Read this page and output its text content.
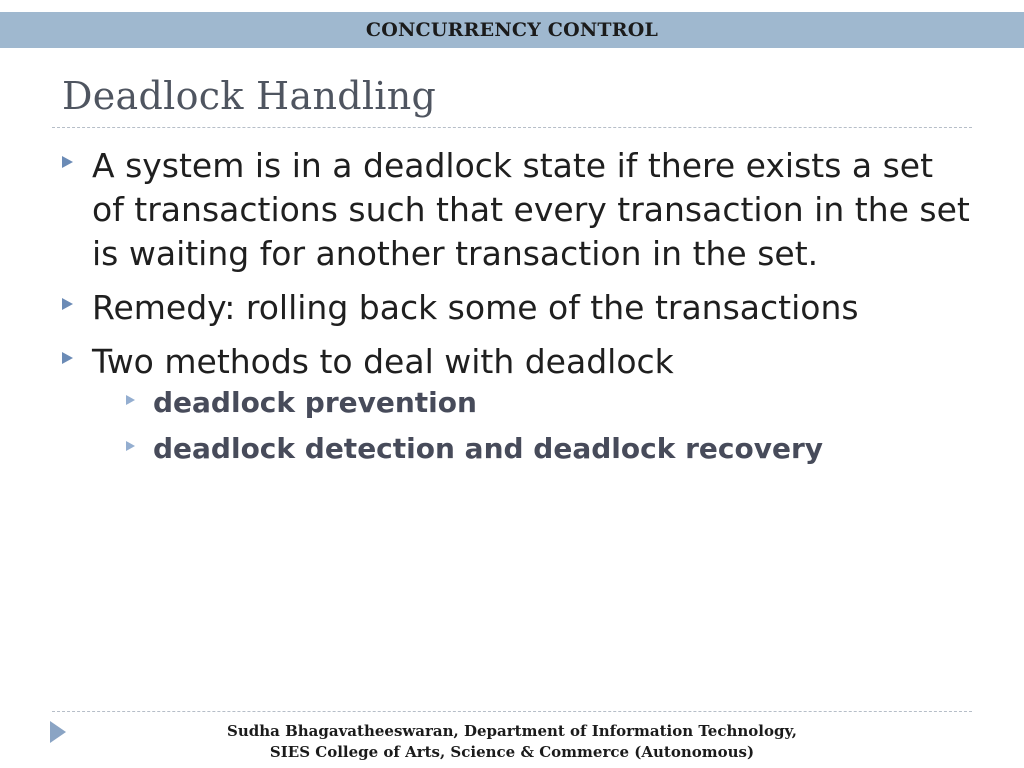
CONCURRENCY CONTROL
Deadlock Handling
A system is in a deadlock state if there exists a set of transactions such that every transaction in the set is waiting for another transaction in the set.
Remedy: rolling back some of the transactions
Two methods to deal with deadlock
deadlock prevention
deadlock detection and deadlock recovery
Sudha Bhagavatheeswaran, Department of Information Technology,
SIES College of Arts, Science & Commerce (Autonomous)
